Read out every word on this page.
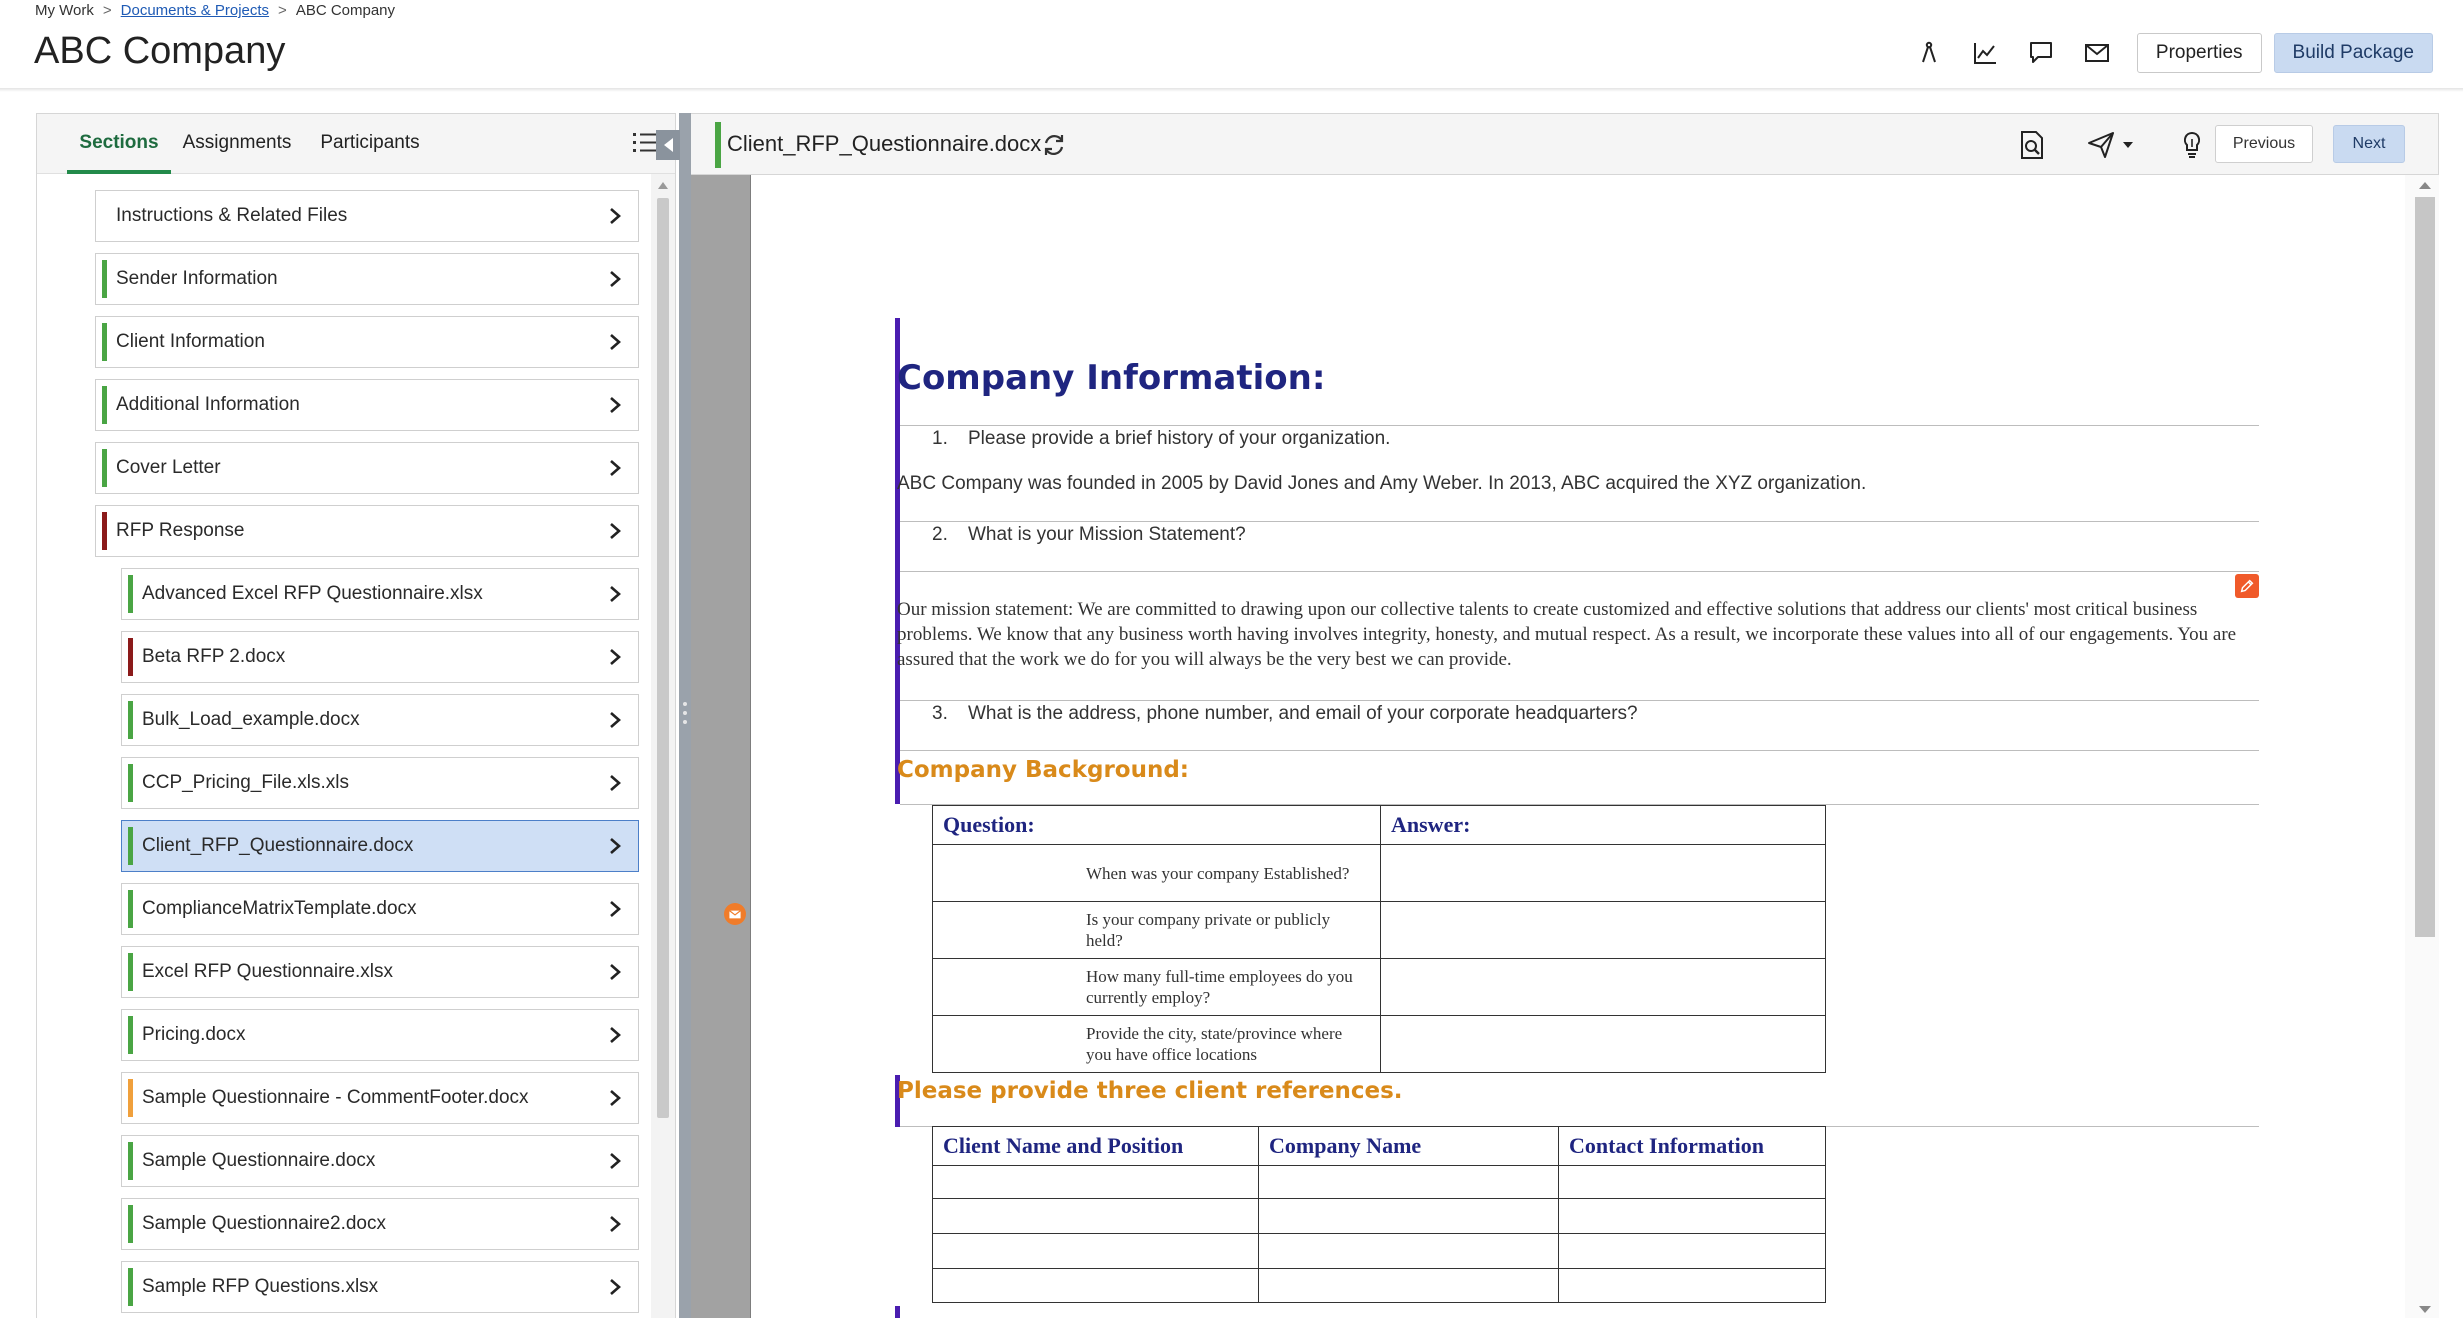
My Work > Documents & Projects > ABC Company
ABC Company	Properties	Build Package
Sections	Assignments	Participants
Instructions & Related Files
Sender Information
Client Information
Additional Information
Cover Letter
RFP Response
Advanced Excel RFP Questionnaire.xlsx
Beta RFP 2.docx
Bulk_Load_example.docx
CCP_Pricing_File.xls.xls
Client_RFP_Questionnaire.docx
ComplianceMatrixTemplate.docx
Excel RFP Questionnaire.xlsx
Pricing.docx
Sample Questionnaire - CommentFooter.docx
Sample Questionnaire.docx
Sample Questionnaire2.docx
Sample RFP Questions.xlsx
Client_RFP_Questionnaire.docx	Previous	Next
Company Information:
1. Please provide a brief history of your organization.
ABC Company was founded in 2005 by David Jones and Amy Weber. In 2013, ABC acquired the XYZ organization.
2. What is your Mission Statement?
Our mission statement: We are committed to drawing upon our collective talents to create customized and effective solutions that address our clients' most critical business problems. We know that any business worth having involves integrity, honesty, and mutual respect. As a result, we incorporate these values into all of our engagements. You are assured that the work we do for you will always be the very best we can provide.
3. What is the address, phone number, and email of your corporate headquarters?
Company Background:
Question:	Answer:
When was your company Established?	
Is your company private or publicly held?	
How many full-time employees do you currently employ?	
Provide the city, state/province where you have office locations	
Please provide three client references.
Client Name and Position	Company Name	Contact Information
